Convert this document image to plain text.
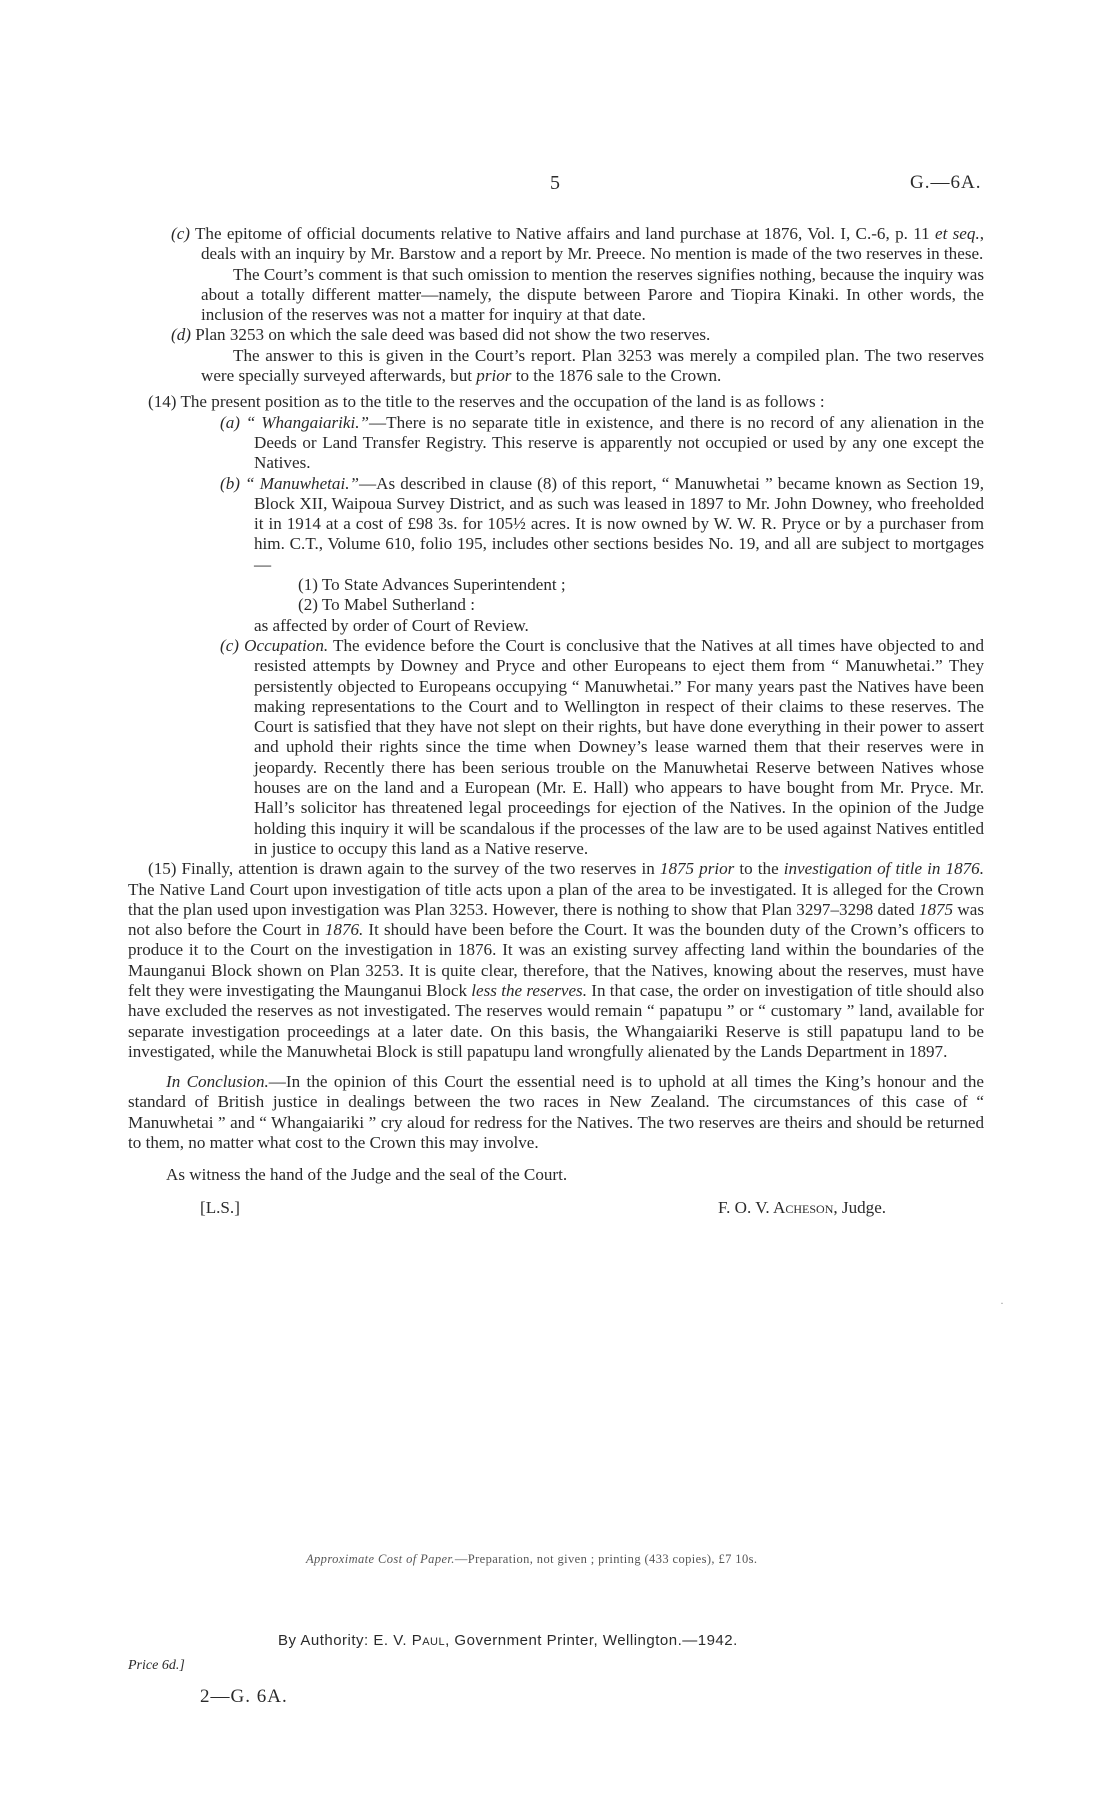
5	G.—6A.

(c) The epitome of official documents relative to Native affairs and land purchase at 1876, Vol. I, C.-6, p. 11 et seq., deals with an inquiry by Mr. Barstow and a report by Mr. Preece. No mention is made of the two reserves in these.

The Court’s comment is that such omission to mention the reserves signifies nothing, because the inquiry was about a totally different matter—namely, the dispute between Parore and Tiopira Kinaki. In other words, the inclusion of the reserves was not a matter for inquiry at that date.

(d) Plan 3253 on which the sale deed was based did not show the two reserves.

The answer to this is given in the Court’s report. Plan 3253 was merely a compiled plan. The two reserves were specially surveyed afterwards, but prior to the 1876 sale to the Crown.

(14) The present position as to the title to the reserves and the occupation of the land is as follows :

(a) “ Whangaiariki.”—There is no separate title in existence, and there is no record of any alienation in the Deeds or Land Transfer Registry. This reserve is apparently not occupied or used by any one except the Natives.

(b) “ Manuwhetai.”—As described in clause (8) of this report, “ Manuwhetai ” became known as Section 19, Block XII, Waipoua Survey District, and as such was leased in 1897 to Mr. John Downey, who freeholded it in 1914 at a cost of £98 3s. for 105½ acres. It is now owned by W. W. R. Pryce or by a purchaser from him. C.T., Volume 610, folio 195, includes other sections besides No. 19, and all are subject to mortgages—

(1) To State Advances Superintendent ;

(2) To Mabel Sutherland :

as affected by order of Court of Review.

(c) Occupation. The evidence before the Court is conclusive that the Natives at all times have objected to and resisted attempts by Downey and Pryce and other Europeans to eject them from “ Manuwhetai.” They persistently objected to Europeans occupying “ Manuwhetai.” For many years past the Natives have been making representations to the Court and to Wellington in respect of their claims to these reserves. The Court is satisfied that they have not slept on their rights, but have done everything in their power to assert and uphold their rights since the time when Downey’s lease warned them that their reserves were in jeopardy. Recently there has been serious trouble on the Manuwhetai Reserve between Natives whose houses are on the land and a European (Mr. E. Hall) who appears to have bought from Mr. Pryce. Mr. Hall’s solicitor has threatened legal proceedings for ejection of the Natives. In the opinion of the Judge holding this inquiry it will be scandalous if the processes of the law are to be used against Natives entitled in justice to occupy this land as a Native reserve.

(15) Finally, attention is drawn again to the survey of the two reserves in 1875 prior to the investigation of title in 1876. The Native Land Court upon investigation of title acts upon a plan of the area to be investigated. It is alleged for the Crown that the plan used upon investigation was Plan 3253. However, there is nothing to show that Plan 3297–3298 dated 1875 was not also before the Court in 1876. It should have been before the Court. It was the bounden duty of the Crown’s officers to produce it to the Court on the investigation in 1876. It was an existing survey affecting land within the boundaries of the Maunganui Block shown on Plan 3253. It is quite clear, therefore, that the Natives, knowing about the reserves, must have felt they were investigating the Maunganui Block less the reserves. In that case, the order on investigation of title should also have excluded the reserves as not investigated. The reserves would remain “ papatupu ” or “ customary ” land, available for separate investigation proceedings at a later date. On this basis, the Whangaiariki Reserve is still papatupu land to be investigated, while the Manuwhetai Block is still papatupu land wrongfully alienated by the Lands Department in 1897.

In Conclusion.—In the opinion of this Court the essential need is to uphold at all times the King’s honour and the standard of British justice in dealings between the two races in New Zealand. The circumstances of this case of “ Manuwhetai ” and “ Whangaiariki ” cry aloud for redress for the Natives. The two reserves are theirs and should be returned to them, no matter what cost to the Crown this may involve.

As witness the hand of the Judge and the seal of the Court.

[L.S.]	F. O. V. Acheson, Judge.
·
Approximate Cost of Paper.—Preparation, not given ; printing (433 copies), £7 10s.
By Authority: E. V. Paul, Government Printer, Wellington.—1942.
Price 6d.]
2—G. 6A.
